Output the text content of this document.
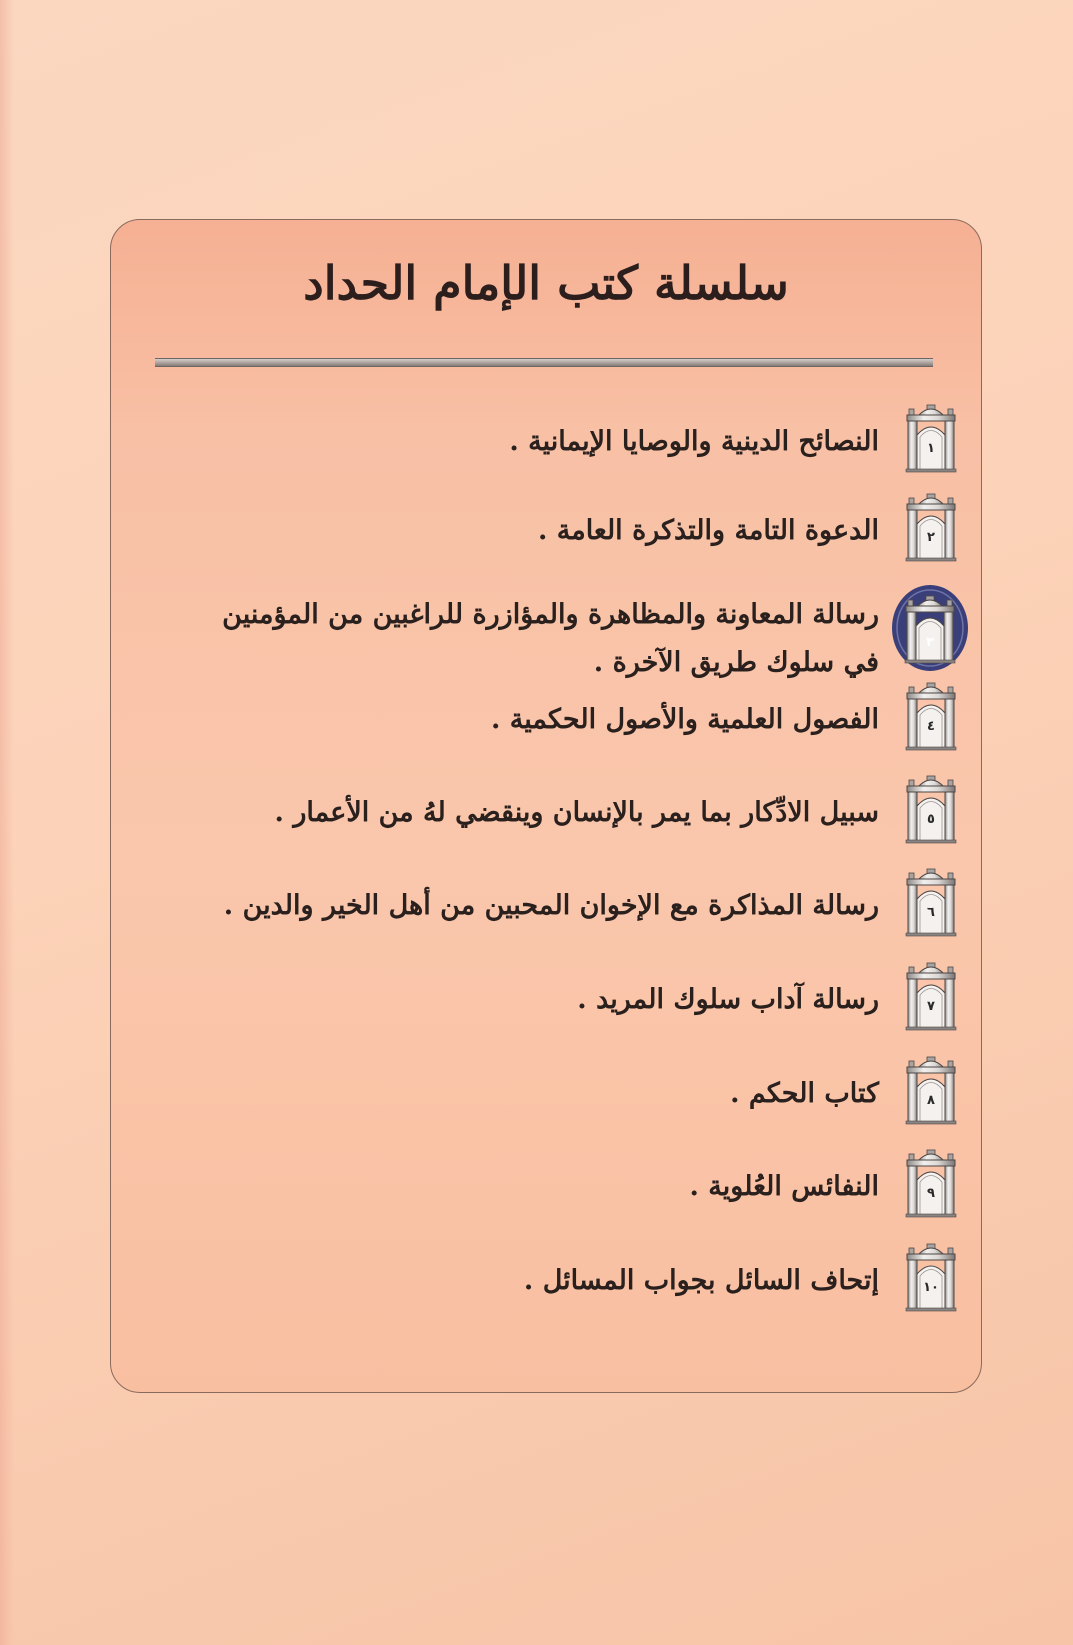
سلسلة كتب الإمام الحداد
١
النصائح الدينية والوصايا الإيمانية .
٢
الدعوة التامة والتذكرة العامة .
٣
رسالة المعاونة والمظاهرة والمؤازرة للراغبين من المؤمنين
في سلوك طريق الآخرة .
٤
الفصول العلمية والأصول الحكمية .
٥
سبيل الادِّكار بما يمر بالإنسان وينقضي لهُ من الأعمار .
٦
رسالة المذاكرة مع الإخوان المحبين من أهل الخير والدين .
٧
رسالة آداب سلوك المريد .
٨
كتاب الحكم .
٩
النفائس العُلوية .
١٠
إتحاف السائل بجواب المسائل .
